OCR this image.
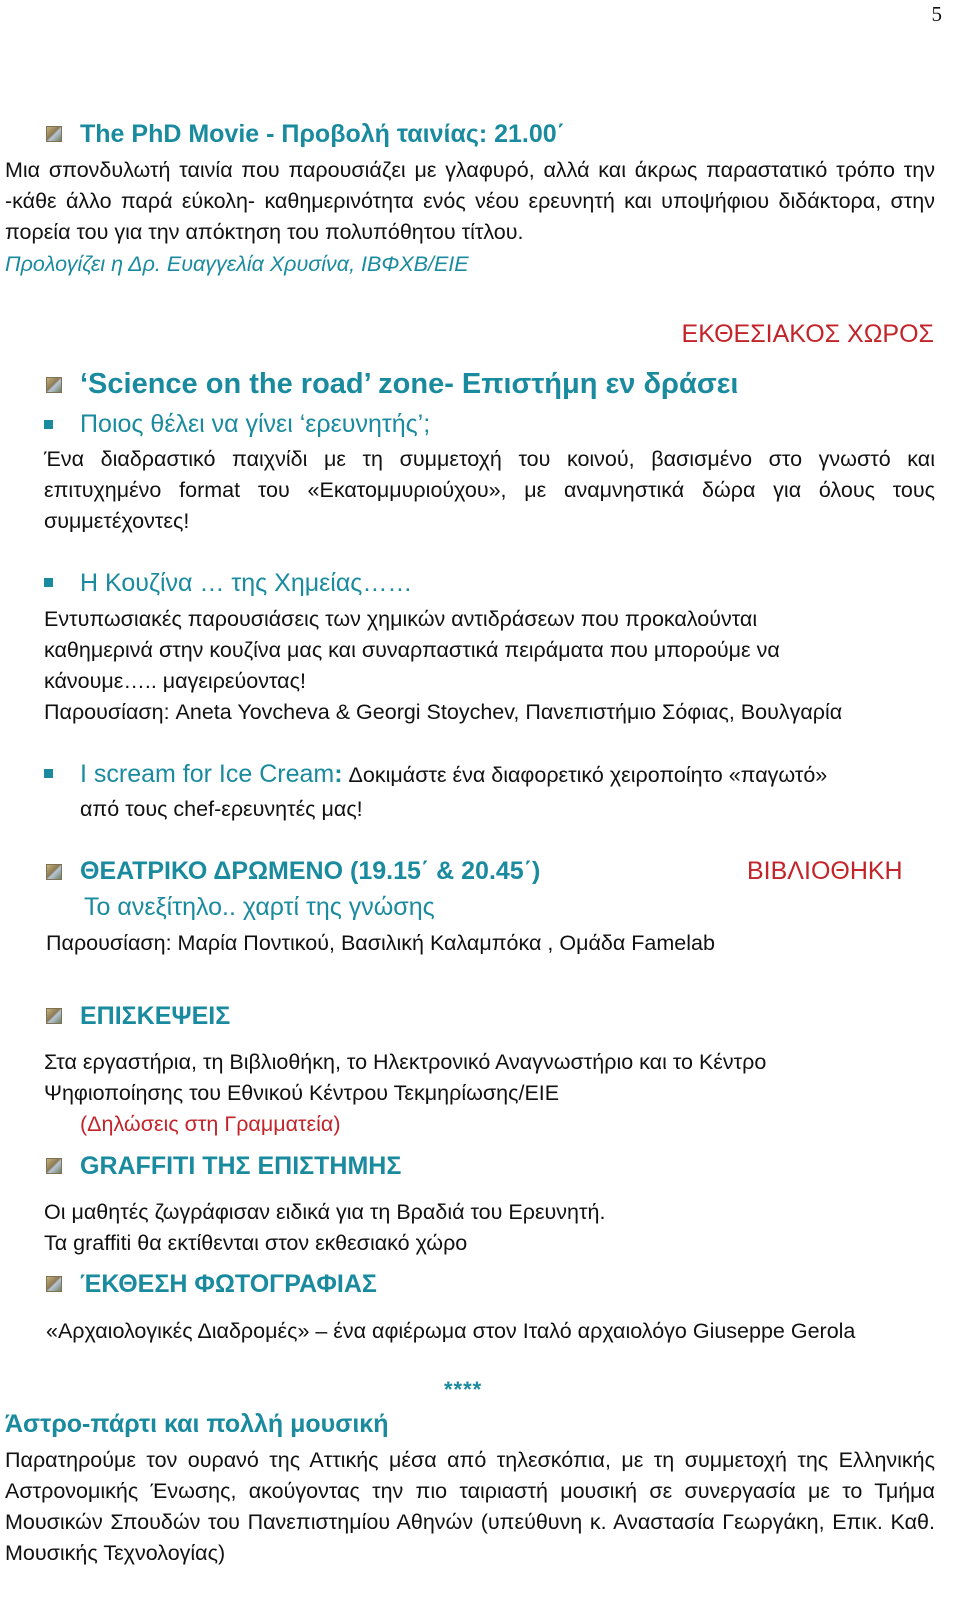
5
The PhD Movie - Προβολή ταινίας: 21.00΄
Μια σπονδυλωτή ταινία που παρουσιάζει με γλαφυρό, αλλά και άκρως παραστατικό τρόπο την -κάθε άλλο παρά εύκολη- καθημερινότητα ενός νέου ερευνητή και υποψήφιου διδάκτορα, στην πορεία του για την απόκτηση του πολυπόθητου τίτλου.
Προλογίζει η Δρ. Ευαγγελία Χρυσίνα, ΙΒΦΧΒ/ΕΙΕ
ΕΚΘΕΣΙΑΚΟΣ ΧΩΡΟΣ
‘Science on the road’ zone- Επιστήμη εν δράσει
Ποιος θέλει να γίνει ‘ερευνητής’;
Ένα διαδραστικό παιχνίδι με τη συμμετοχή του κοινού, βασισμένο στο γνωστό και επιτυχημένο format του «Εκατομμυριούχου», με αναμνηστικά δώρα για όλους τους συμμετέχοντες!
Η Κουζίνα … της Χημείας……
Εντυπωσιακές παρουσιάσεις των χημικών αντιδράσεων που προκαλούνται
καθημερινά στην κουζίνα μας και συναρπαστικά πειράματα που μπορούμε να
κάνουμε….. μαγειρεύοντας!
Παρουσίαση: Aneta Yovcheva & Georgi Stoychev, Πανεπιστήμιο Σόφιας, Βουλγαρία
I scream for Ice Cream: Δοκιμάστε ένα διαφορετικό χειροποίητο «παγωτό»
από τους chef-ερευνητές μας!
ΘΕΑΤΡΙΚΟ ΔΡΩΜΕΝΟ (19.15΄ & 20.45΄)	ΒΙΒΛΙΟΘΗΚΗ
Το ανεξίτηλο.. χαρτί της γνώσης
Παρουσίαση: Μαρία Ποντικού, Βασιλική Καλαμπόκα , Ομάδα Famelab
ΕΠΙΣΚΕΨΕΙΣ
Στα εργαστήρια, τη Βιβλιοθήκη, το Ηλεκτρονικό Αναγνωστήριο και το Κέντρο
Ψηφιοποίησης του Εθνικού Κέντρου Τεκμηρίωσης/ΕΙΕ
(Δηλώσεις στη Γραμματεία)
GRAFFITI ΤΗΣ ΕΠΙΣΤΗΜΗΣ
Οι μαθητές ζωγράφισαν ειδικά για τη Βραδιά του Ερευνητή.
Τα graffiti θα εκτίθενται στον εκθεσιακό χώρο
ΈΚΘΕΣΗ ΦΩΤΟΓΡΑΦΙΑΣ
«Αρχαιολογικές Διαδρομές» – ένα αφιέρωμα στον Ιταλό αρχαιολόγο Giuseppe Gerola
****
Άστρο-πάρτι και πολλή μουσική
Παρατηρούμε τον ουρανό της Αττικής μέσα από τηλεσκόπια, με τη συμμετοχή της Ελληνικής Αστρονομικής Ένωσης, ακούγοντας την πιο ταιριαστή μουσική σε συνεργασία με το Τμήμα Μουσικών Σπουδών του Πανεπιστημίου Αθηνών (υπεύθυνη κ. Αναστασία Γεωργάκη, Επικ. Καθ. Μουσικής Τεχνολογίας)
